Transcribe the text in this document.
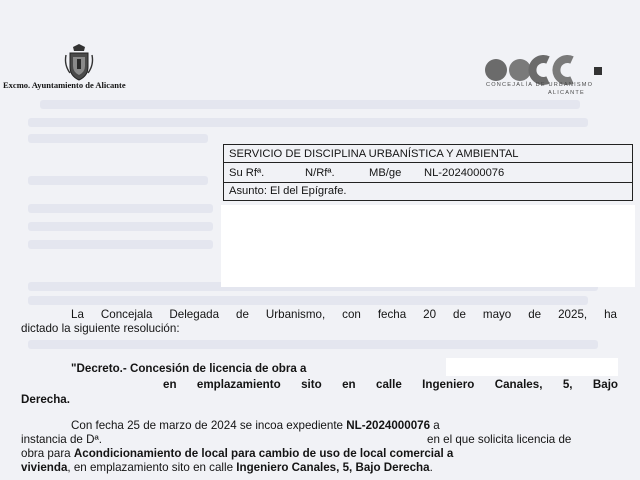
Excmo. Ayuntamiento de Alicante	CONCEJALÍA DE URBANISMO
ALICANTE
SERVICIO DE DISCIPLINA URBANÍSTICA Y AMBIENTAL
Su Rfª.	N/Rfª.	MB/ge NL-2024000076
Asunto: El del Epígrafe.
La Concejala Delegada de Urbanismo, con fecha 20 de mayo de 2025, ha
dictado la siguiente resolución:
"Decreto.- Concesión de licencia de obra a
en emplazamiento sito en calle Ingeniero Canales, 5, Bajo
Derecha.
Con fecha 25 de marzo de 2024 se incoa expediente NL-2024000076 a
instancia de Dª.	en el que solicita licencia de
obra para Acondicionamiento de local para cambio de uso de local comercial a
vivienda, en emplazamiento sito en calle Ingeniero Canales, 5, Bajo Derecha.
